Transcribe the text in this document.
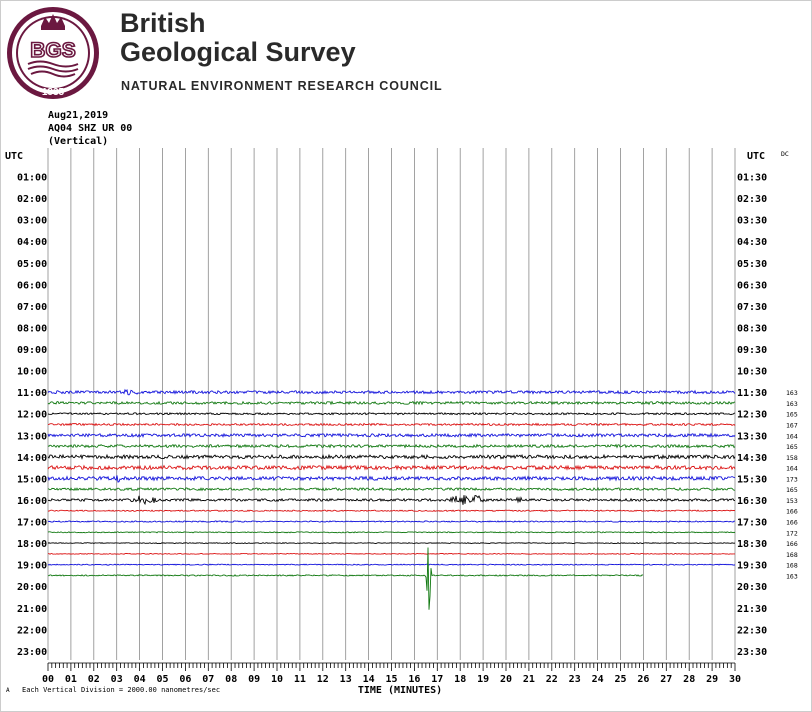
BGS
1835
British
Geological Survey
NATURAL ENVIRONMENT RESEARCH COUNCIL
Aug21,2019
AQ04 SHZ UR 00
(Vertical)
UTC	UTC DC
01:00
02:00
03:00
04:00
05:00
06:00
07:00
08:00
09:00
10:00
11:00
12:00
13:00
14:00
15:00
16:00
17:00
18:00
19:00
20:00
21:00
22:00
23:00
01:30
02:30
03:30
04:30
05:30
06:30
07:30
08:30
09:30
10:30
11:30
12:30
13:30
14:30
15:30
16:30
17:30
18:30
19:30
20:30
21:30
22:30
23:30
163
163
165
167
164
165
158
164
173
165
153
166
166
172
166
168
168
163
00 01 02 03 04 05 06 07 08 09 10 11 12 13 14 15 16 17 18 19 20 21 22 23 24 25 26 27 28 29 30
TIME (MINUTES)
Each Vertical Division = 2000.00 nanometres/sec
A
